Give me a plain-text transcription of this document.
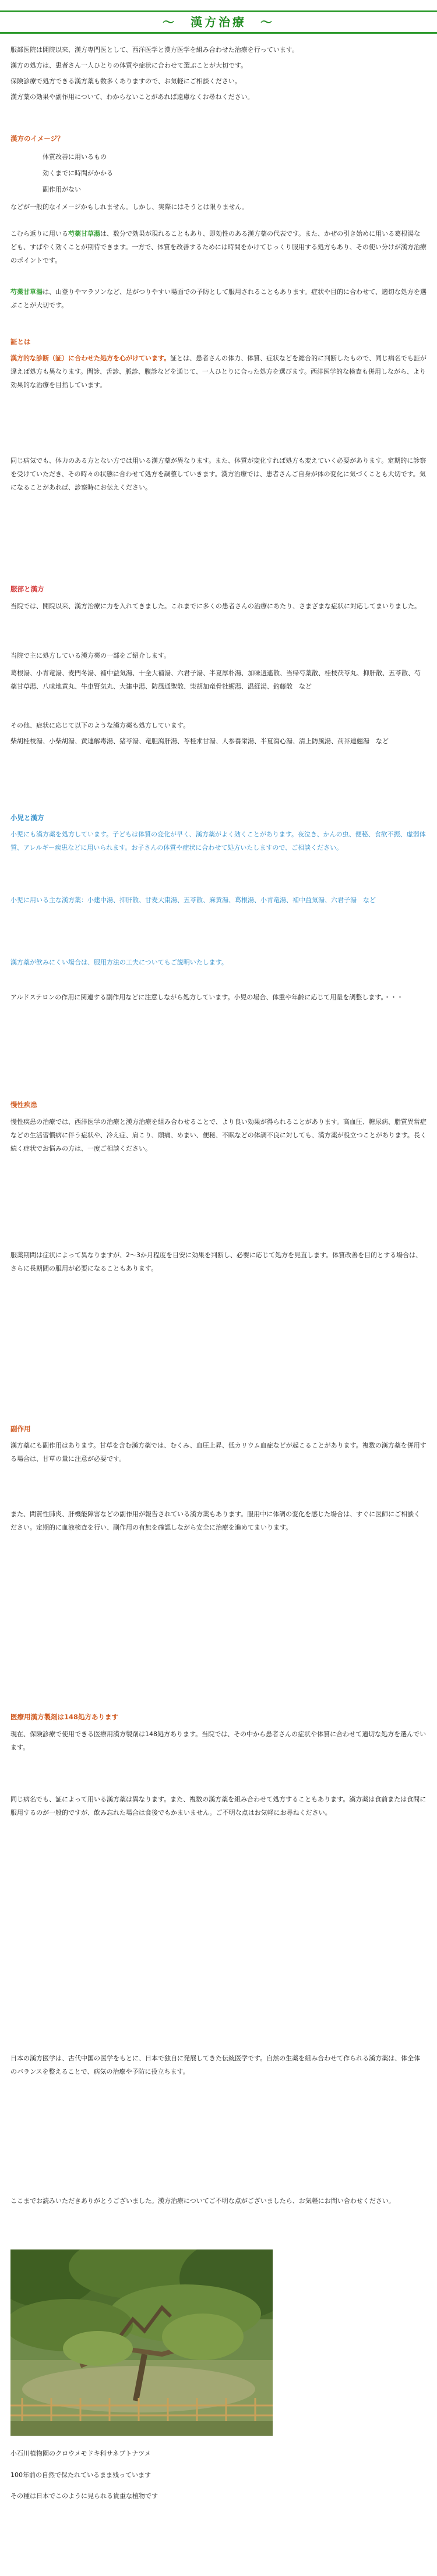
〜　漢方治療　〜

服部医院は開院以来、漢方専門医として、西洋医学と漢方医学を組み合わせた治療を行っています。

漢方の処方は、患者さん一人ひとりの体質や症状に合わせて選ぶことが大切です。

保険診療で処方できる漢方薬も数多くありますので、お気軽にご相談ください。

漢方薬の効果や副作用について、わからないことがあれば遠慮なくお尋ねください。

漢方のイメージ？

　　　　　体質改善に用いるもの

　　　　　効くまでに時間がかかる

　　　　　副作用がない

などが一般的なイメージかもしれません。しかし、実際にはそうとは限りません。

こむら返りに用いる芍薬甘草湯は、数分で効果が現れることもあり、即効性のある漢方薬の代表です。また、かぜの引き始めに用いる葛根湯なども、すばやく効くことが期待できます。一方で、体質を改善するためには時間をかけてじっくり服用する処方もあり、その使い分けが漢方治療のポイントです。

芍薬甘草湯は、山登りやマラソンなど、足がつりやすい場面での予防として服用されることもあります。症状や目的に合わせて、適切な処方を選ぶことが大切です。

証とは

漢方的な診断（証）に合わせた処方を心がけています。証とは、患者さんの体力、体質、症状などを総合的に判断したもので、同じ病名でも証が違えば処方も異なります。問診、舌診、脈診、腹診などを通じて、一人ひとりに合った処方を選びます。西洋医学的な検査も併用しながら、より効果的な治療を目指しています。

同じ病気でも、体力のある方とない方では用いる漢方薬が異なります。また、体質が変化すれば処方も変えていく必要があります。定期的に診察を受けていただき、その時々の状態に合わせて処方を調整していきます。漢方治療では、患者さんご自身が体の変化に気づくことも大切です。気になることがあれば、診察時にお伝えください。

服部と漢方

当院では、開院以来、漢方治療に力を入れてきました。これまでに多くの患者さんの治療にあたり、さまざまな症状に対応してまいりました。

当院で主に処方している漢方薬の一部をご紹介します。

葛根湯、小青竜湯、麦門冬湯、補中益気湯、十全大補湯、六君子湯、半夏厚朴湯、加味逍遙散、当帰芍薬散、桂枝茯苓丸、抑肝散、五苓散、芍薬甘草湯、八味地黄丸、牛車腎気丸、大建中湯、防風通聖散、柴胡加竜骨牡蛎湯、温経湯、釣藤散　など

その他、症状に応じて以下のような漢方薬も処方しています。

柴胡桂枝湯、小柴胡湯、黄連解毒湯、猪苓湯、竜胆瀉肝湯、苓桂朮甘湯、人参養栄湯、半夏瀉心湯、清上防風湯、荊芥連翹湯　など

小児と漢方

小児にも漢方薬を処方しています。子どもは体質の変化が早く、漢方薬がよく効くことがあります。夜泣き、かんの虫、便秘、食欲不振、虚弱体質、アレルギー疾患などに用いられます。お子さんの体質や症状に合わせて処方いたしますので、ご相談ください。

小児に用いる主な漢方薬：小建中湯、抑肝散、甘麦大棗湯、五苓散、麻黄湯、葛根湯、小青竜湯、補中益気湯、六君子湯　など

漢方薬が飲みにくい場合は、服用方法の工夫についてもご説明いたします。

アルドステロンの作用に関連する副作用などに注意しながら処方しています。小児の場合、体重や年齢に応じて用量を調整します。・・・

慢性疾患

慢性疾患の治療では、西洋医学の治療と漢方治療を組み合わせることで、より良い効果が得られることがあります。高血圧、糖尿病、脂質異常症などの生活習慣病に伴う症状や、冷え症、肩こり、頭痛、めまい、便秘、不眠などの体調不良に対しても、漢方薬が役立つことがあります。長く続く症状でお悩みの方は、一度ご相談ください。

服薬期間は症状によって異なりますが、2〜3か月程度を目安に効果を判断し、必要に応じて処方を見直します。体質改善を目的とする場合は、さらに長期間の服用が必要になることもあります。

副作用

漢方薬にも副作用はあります。甘草を含む漢方薬では、むくみ、血圧上昇、低カリウム血症などが起こることがあります。複数の漢方薬を併用する場合は、甘草の量に注意が必要です。

また、間質性肺炎、肝機能障害などの副作用が報告されている漢方薬もあります。服用中に体調の変化を感じた場合は、すぐに医師にご相談ください。定期的に血液検査を行い、副作用の有無を確認しながら安全に治療を進めてまいります。

医療用漢方製剤は148処方あります

現在、保険診療で使用できる医療用漢方製剤は148処方あります。当院では、その中から患者さんの症状や体質に合わせて適切な処方を選んでいます。

同じ病名でも、証によって用いる漢方薬は異なります。また、複数の漢方薬を組み合わせて処方することもあります。漢方薬は食前または食間に服用するのが一般的ですが、飲み忘れた場合は食後でもかまいません。ご不明な点はお気軽にお尋ねください。

日本の漢方医学は、古代中国の医学をもとに、日本で独自に発展してきた伝統医学です。自然の生薬を組み合わせて作られる漢方薬は、体全体のバランスを整えることで、病気の治療や予防に役立ちます。

ここまでお読みいただきありがとうございました。漢方治療についてご不明な点がございましたら、お気軽にお問い合わせください。

小石川植物園のクロウメモドキ科サネブトナツメ

100年前の自然で保たれているまま残っています

その種は日本でこのように見られる貴重な植物です
